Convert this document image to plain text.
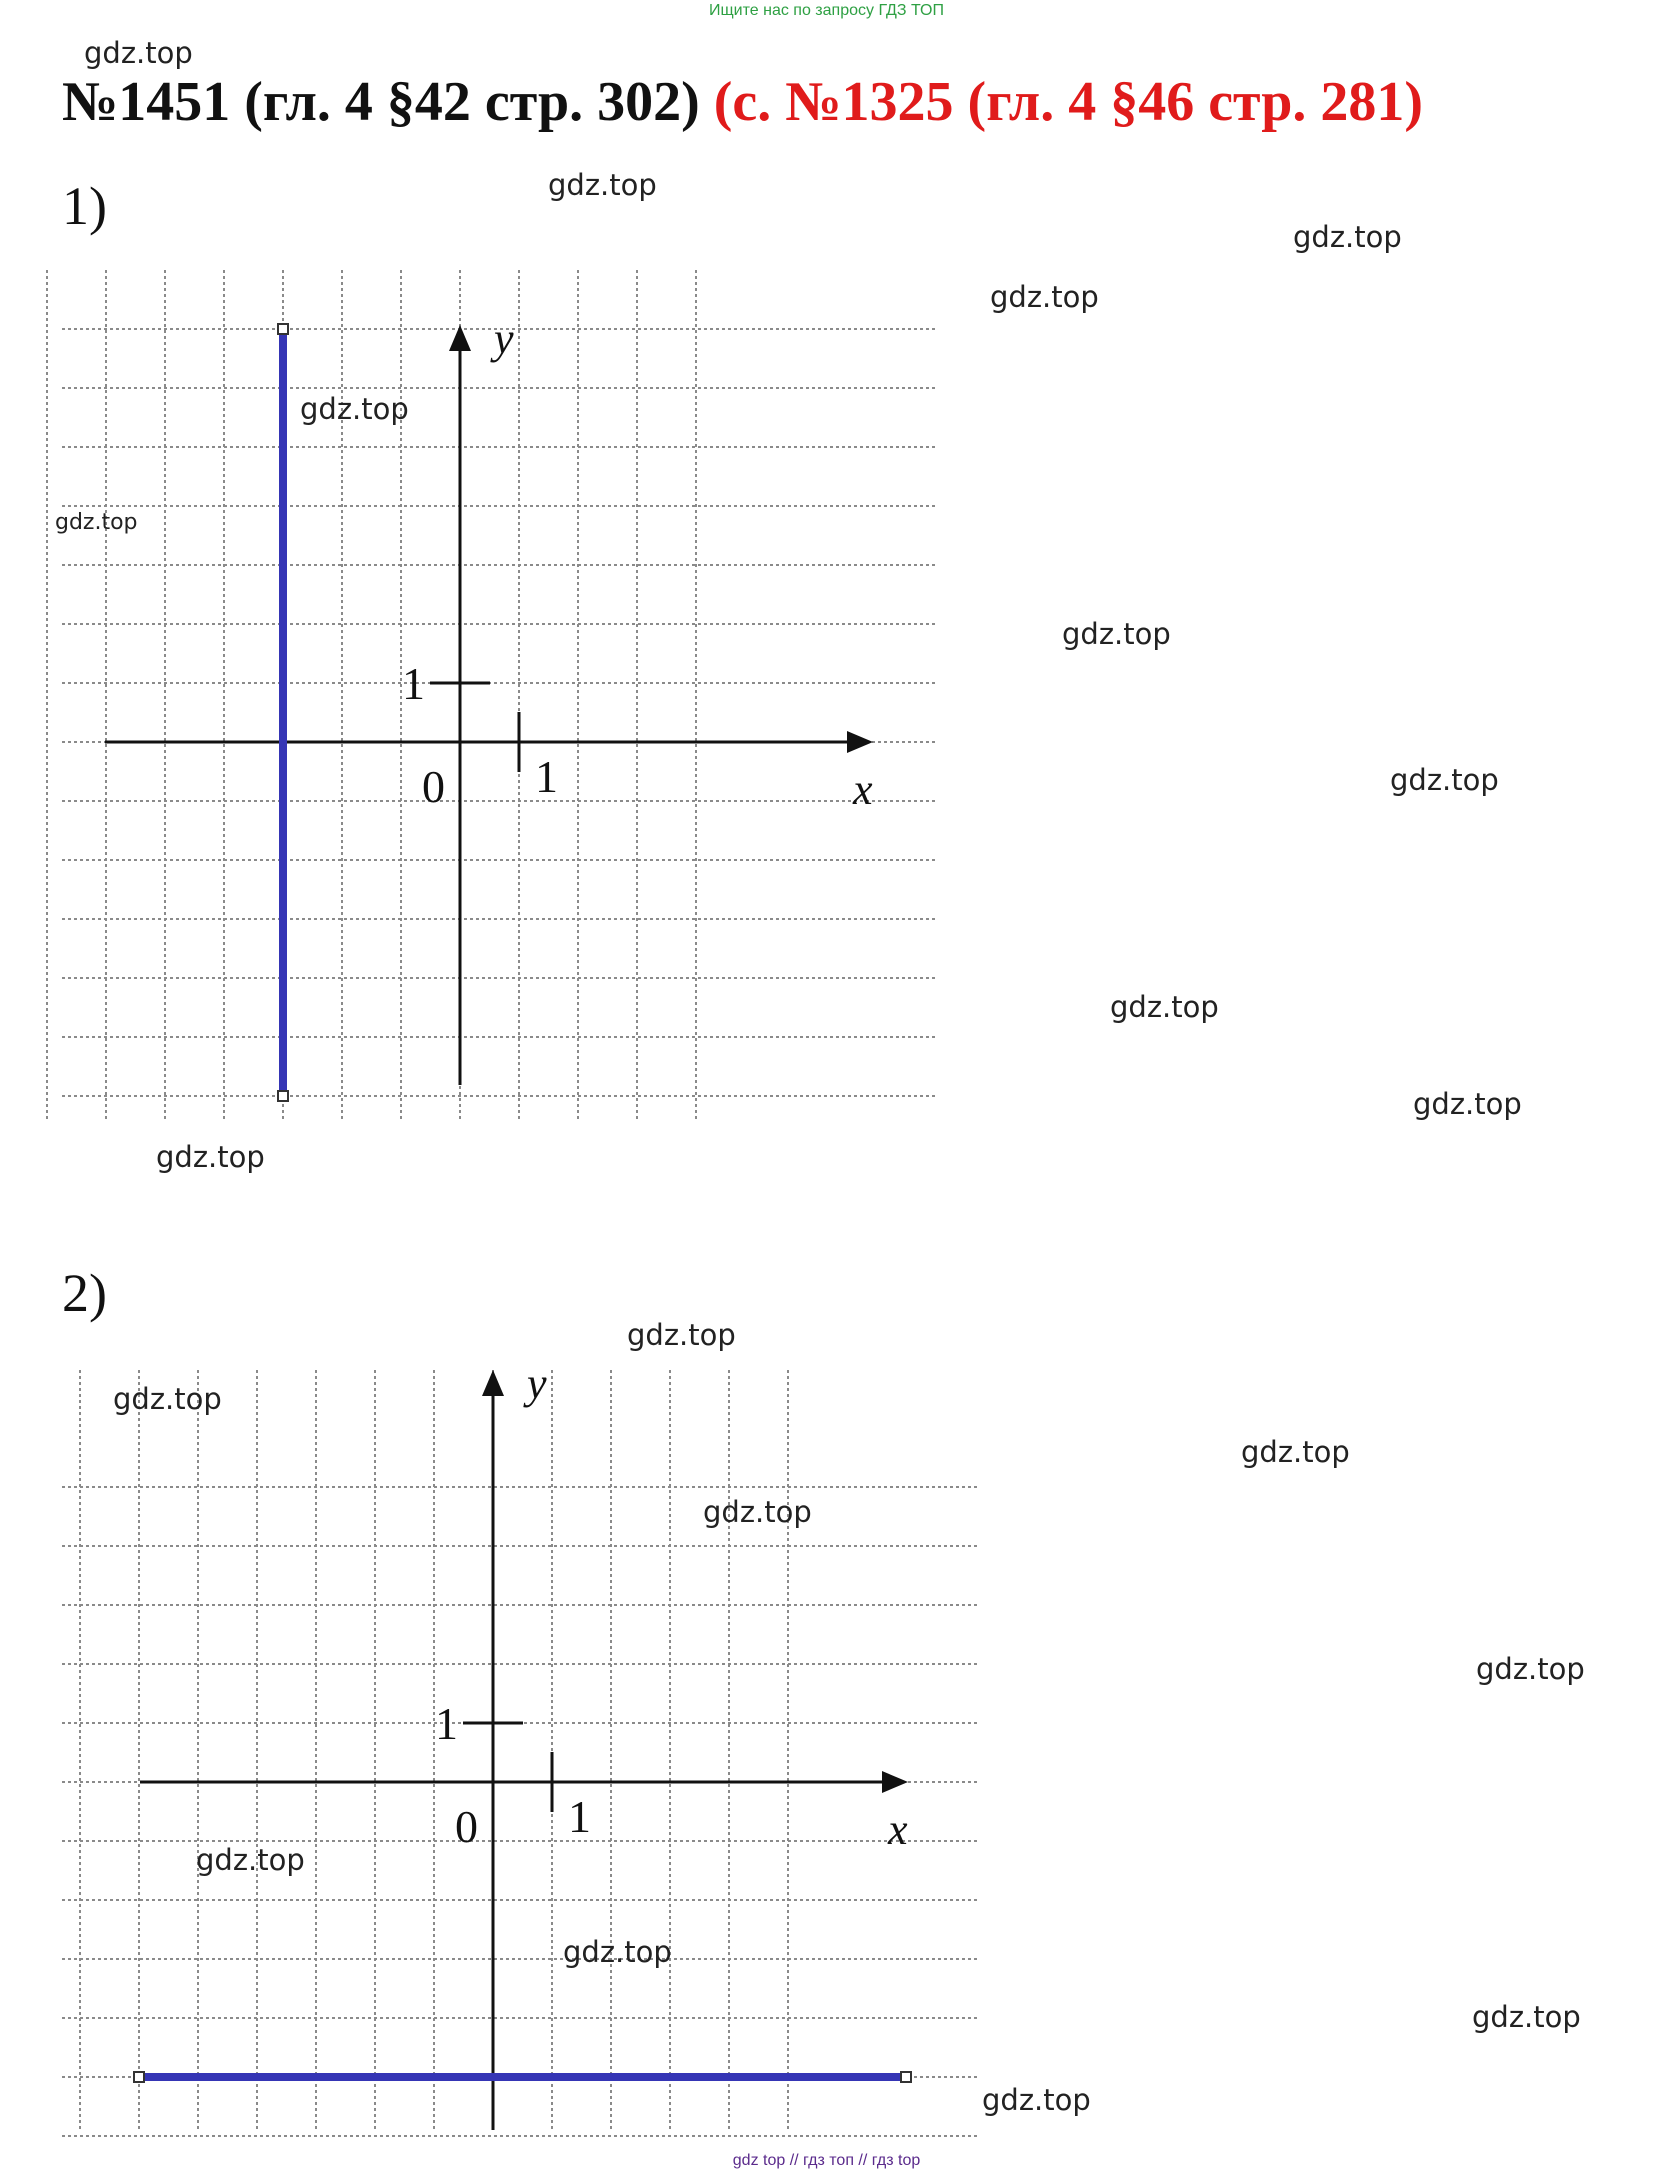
Ищите нас по запросу ГДЗ ТОП
gdz.top
№1451 (гл. 4 §42 стр. 302) (с. №1325 (гл. 4 §46 стр. 281)
1)
x
y
0 1
1
2)
x
y
0 1
1
gdz.top
gdz.top
gdz.top
gdz.top
gdz.top
gdz.top
gdz.top
gdz.top
gdz.top
gdz.top
gdz.top
gdz.top
gdz.top
gdz.top
gdz.top
gdz.top
gdz.top
gdz.top
gdz.top
gdz top // гдз топ // гдз top
